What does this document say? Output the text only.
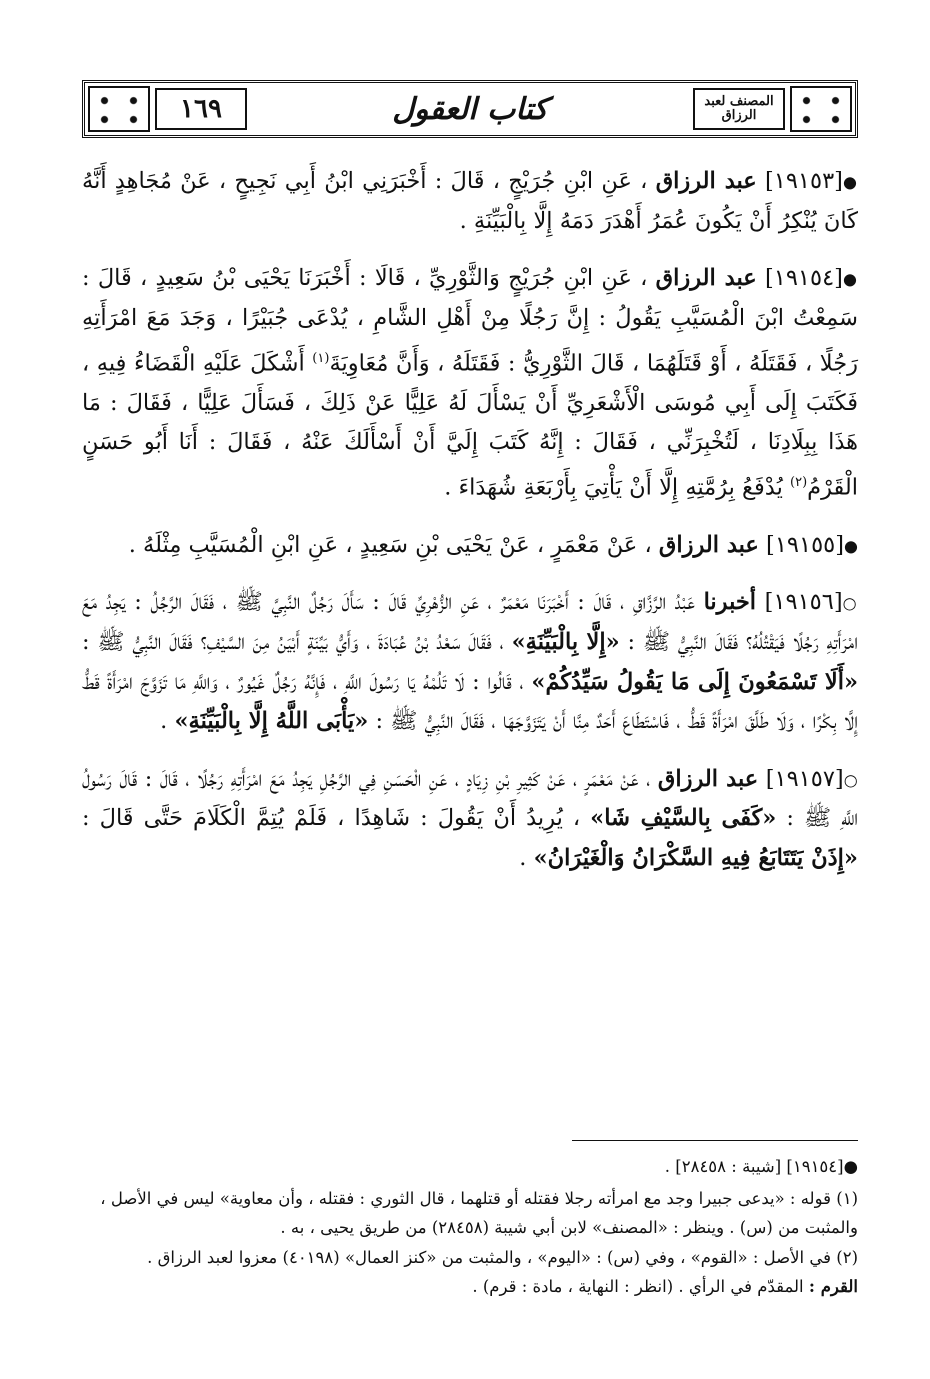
١٦٩	كتاب العقول	المصنف لعبد الرزاق

●[١٩١٥٣] عبد الرزاق ، عَنِ ابْنِ جُرَيْجٍ ، قَالَ : أَخْبَرَنِي ابْنُ أَبِي نَجِيحٍ ، عَنْ مُجَاهِدٍ أَنَّهُ كَانَ يُنْكِرُ أَنْ يَكُونَ عُمَرُ أَهْدَرَ دَمَهُ إِلَّا بِالْبَيِّنَةِ .

●[١٩١٥٤] عبد الرزاق ، عَنِ ابْنِ جُرَيْجٍ وَالثَّوْرِيِّ ، قَالَا : أَخْبَرَنَا يَحْيَى بْنُ سَعِيدٍ ، قَالَ : سَمِعْتُ ابْنَ الْمُسَيَّبِ يَقُولُ : إِنَّ رَجُلًا مِنْ أَهْلِ الشَّامِ ، يُدْعَى جُبَيْرًا ، وَجَدَ مَعَ امْرَأَتِهِ رَجُلًا ، فَقَتَلَهُ ، أَوْ قَتَلَهُمَا ، قَالَ الثَّوْرِيُّ : فَقَتَلَهُ ، وَأَنَّ مُعَاوِيَةَ$^{(١)}$ أَشْكَلَ عَلَيْهِ الْقَضَاءُ فِيهِ ، فَكَتَبَ إِلَى أَبِي مُوسَى الْأَشْعَرِيِّ أَنْ يَسْأَلَ لَهُ عَلِيًّا عَنْ ذَلِكَ ، فَسَأَلَ عَلِيًّا ، فَقَالَ : مَا هَذَا بِبِلَادِنَا ، لَتُخْبِرَنِّي ، فَقَالَ : إِنَّهُ كَتَبَ إِلَيَّ أَنْ أَسْأَلَكَ عَنْهُ ، فَقَالَ : أَنَا أَبُو حَسَنٍ الْقَرْمُ$^{(٢)}$ يُدْفَعُ بِرُمَّتِهِ إِلَّا أَنْ يَأْتِيَ بِأَرْبَعَةِ شُهَدَاءَ .

●[١٩١٥٥] عبد الرزاق ، عَنْ مَعْمَرٍ ، عَنْ يَحْيَى بْنِ سَعِيدٍ ، عَنِ ابْنِ الْمُسَيَّبِ مِثْلَهُ .

○[١٩١٥٦] أخبرنا عَبْدُ الرَّزَّاقِ ، قَالَ : أَخْبَرَنَا مَعْمَرٌ ، عَنِ الزُّهْرِيِّ قَالَ : سَأَلَ رَجُلٌ النَّبِيَّ ﷺ ، فَقَالَ الرَّجُلُ : يَجِدُ مَعَ امْرَأَتِهِ رَجُلًا فَيَقْتُلُهُ؟ فَقَالَ النَّبِيُّ ﷺ : «إِلَّا بِالْبَيِّنَةِ» ، فَقَالَ سَعْدُ بْنُ عُبَادَةَ ، وَأَيُّ بَيِّنَةٍ أَبْيَنُ مِنَ السَّيْفِ؟ فَقَالَ النَّبِيُّ ﷺ : «أَلَا تَسْمَعُونَ إِلَى مَا يَقُولُ سَيِّدُكُمْ» ، قَالُوا : لَا تَلُمْهُ يَا رَسُولَ اللَّهِ ، فَإِنَّهُ رَجُلٌ غَيُورٌ ، وَاللَّهِ مَا تَزَوَّجَ امْرَأَةً قَطُّ إِلَّا بِكْرًا ، وَلَا طَلَّقَ امْرَأَةً قَطُّ ، فَاسْتَطَاعَ أَحَدٌ مِنَّا أَنْ يَتَزَوَّجَهَا ، فَقَالَ النَّبِيُّ ﷺ : «يَأْبَى اللَّهُ إِلَّا بِالْبَيِّنَةِ» .

○[١٩١٥٧] عبد الرزاق ، عَنْ مَعْمَرٍ ، عَنْ كَثِيرِ بْنِ زِيَادٍ ، عَنِ الْحَسَنِ فِي الرَّجُلِ يَجِدُ مَعَ امْرَأَتِهِ رَجُلًا ، قَالَ : قَالَ رَسُولُ اللَّهِ ﷺ : «كَفَى بِالسَّيْفِ شَا» ، يُرِيدُ أَنْ يَقُولَ : شَاهِدًا ، فَلَمْ يُتِمَّ الْكَلَامَ حَتَّى قَالَ : «إِذَنْ يَتَتَابَعُ فِيهِ السَّكْرَانُ وَالْغَيْرَانُ» .

●[١٩١٥٤] [شيبة : ٢٨٤٥٨] .
(١) قوله : «يدعى جبيرا وجد مع امرأته رجلا فقتله أو قتلهما ، قال الثوري : فقتله ، وأن معاوية» ليس في الأصل ، والمثبت من (س) . وينظر : «المصنف» لابن أبي شيبة (٢٨٤٥٨) من طريق يحيى ، به .
(٢) في الأصل : «القوم» ، وفي (س) : «اليوم» ، والمثبت من «كنز العمال» (٤٠١٩٨) معزوا لعبد الرزاق .
القرم : المقدّم في الرأي . (انظر : النهاية ، مادة : قرم) .
